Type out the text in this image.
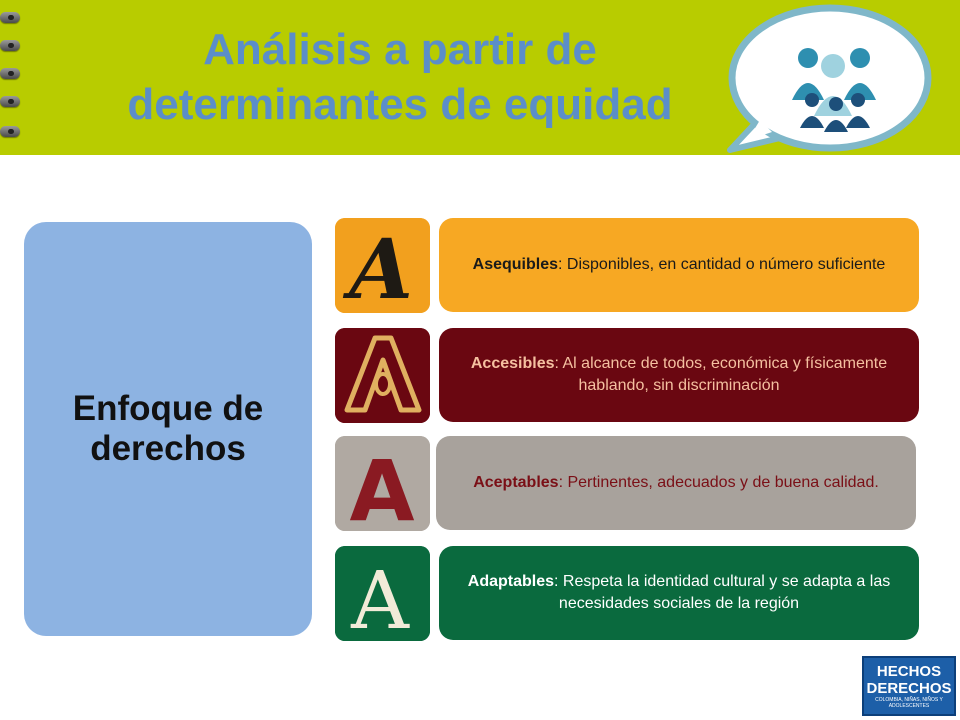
Análisis a partir de
determinantes de equidad
Enfoque de derechos
A
A
A
Asequibles: Disponibles, en cantidad o número suficiente
Accesibles: Al alcance de todos, económica y físicamente hablando, sin discriminación
Aceptables: Pertinentes, adecuados y de buena calidad.
Adaptables: Respeta la identidad cultural y se adapta a las necesidades sociales de la región
HECHOS
DERECHOS
COLOMBIA, NIÑAS, NIÑOS Y ADOLESCENTES
